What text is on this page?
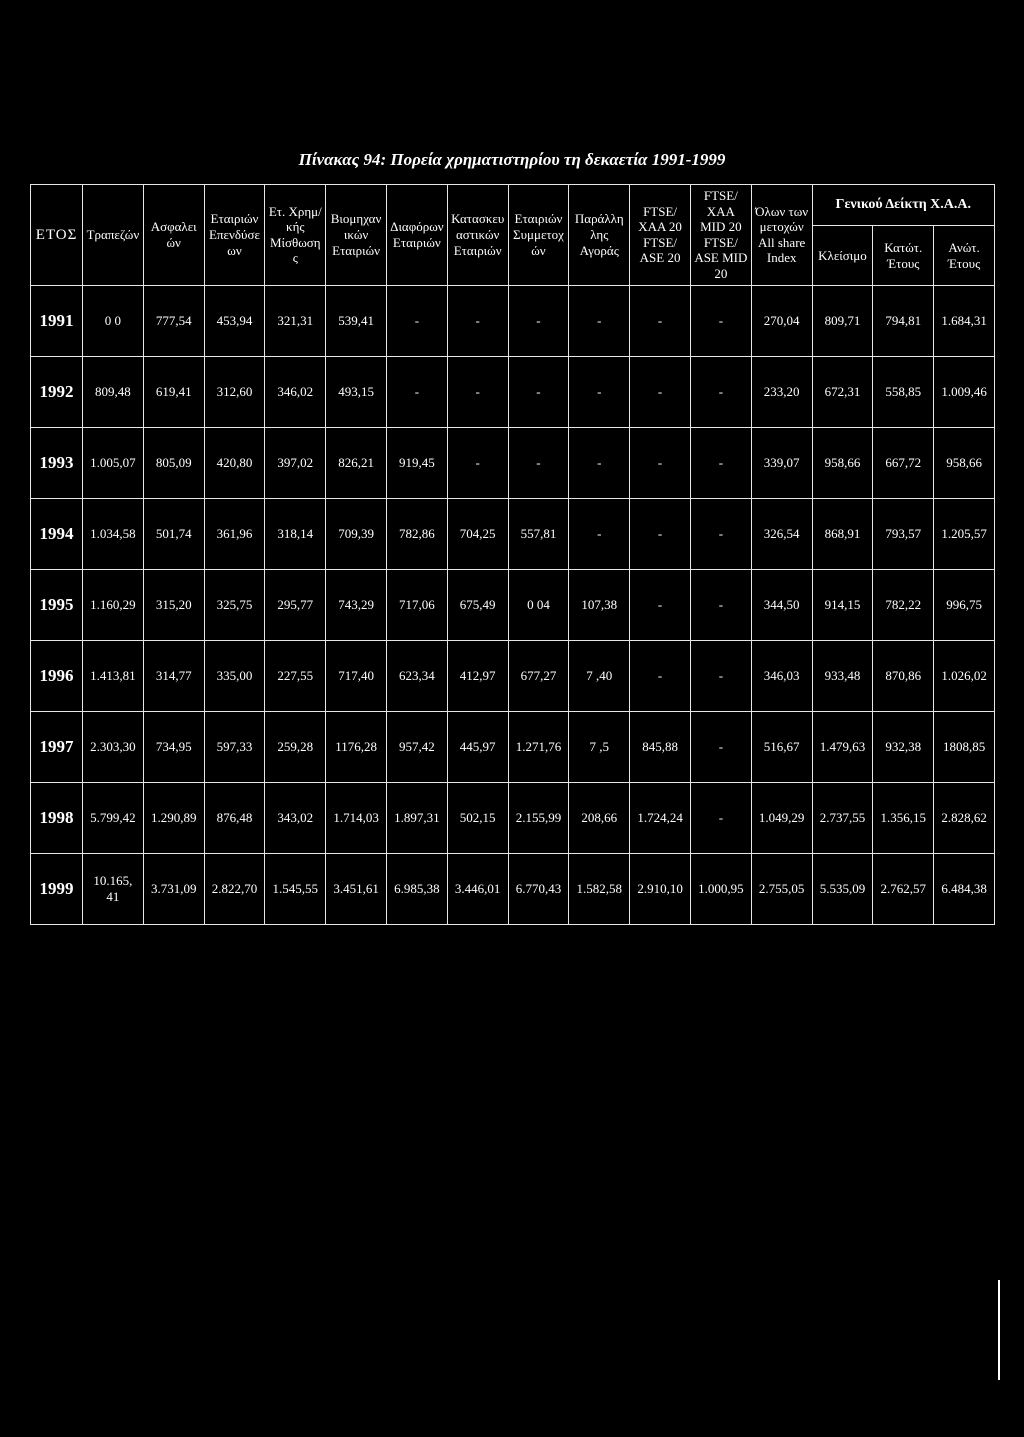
Πίνακας 94: Πορεία χρηματιστηρίου τη δεκαετία 1991-1999

ΕΤΟΣ	Τραπεζών	Ασφαλειών	Εταιριών Επενδύσεων	Ετ. Χρημ/κής Μίσθωσης	Βιομηχανικών Εταιριών	Διαφόρων Εταιριών	Κατασκευαστικών Εταιριών	Εταιριών Συμμετοχών	Παράλληλης Αγοράς	FTSE/ ΧΑΑ 20 FTSE/ ASE 20	FTSE/ ΧΑΑ MID 20 FTSE/ ASE MID 20	Όλων των μετοχών All share Index	Γενικού Δείκτη Χ.Α.Α.		
													Κλείσιμο	Κατώτ. Έτους	Ανώτ. Έτους
1991	0 0	777,54	453,94	321,31	539,41	-	-	-	-	-	-	270,04	809,71	794,81	1.684,31
1992	809,48	619,41	312,60	346,02	493,15	-	-	-	-	-	-	233,20	672,31	558,85	1.009,46
1993	1.005,07	805,09	420,80	397,02	826,21	919,45	-	-	-	-	-	339,07	958,66	667,72	958,66
1994	1.034,58	501,74	361,96	318,14	709,39	782,86	704,25	557,81	-	-	-	326,54	868,91	793,57	1.205,57
1995	1.160,29	315,20	325,75	295,77	743,29	717,06	675,49	0 04	107,38	-	-	344,50	914,15	782,22	996,75
1996	1.413,81	314,77	335,00	227,55	717,40	623,34	412,97	677,27	7 ,40	-	-	346,03	933,48	870,86	1.026,02
1997	2.303,30	734,95	597,33	259,28	1176,28	957,42	445,97	1.271,76	7 ,5	845,88	-	516,67	1.479,63	932,38	1808,85
1998	5.799,42	1.290,89	876,48	343,02	1.714,03	1.897,31	502,15	2.155,99	208,66	1.724,24	-	1.049,29	2.737,55	1.356,15	2.828,62
1999	10.165, 41	3.731,09	2.822,70	1.545,55	3.451,61	6.985,38	3.446,01	6.770,43	1.582,58	2.910,10	1.000,95	2.755,05	5.535,09	2.762,57	6.484,38
